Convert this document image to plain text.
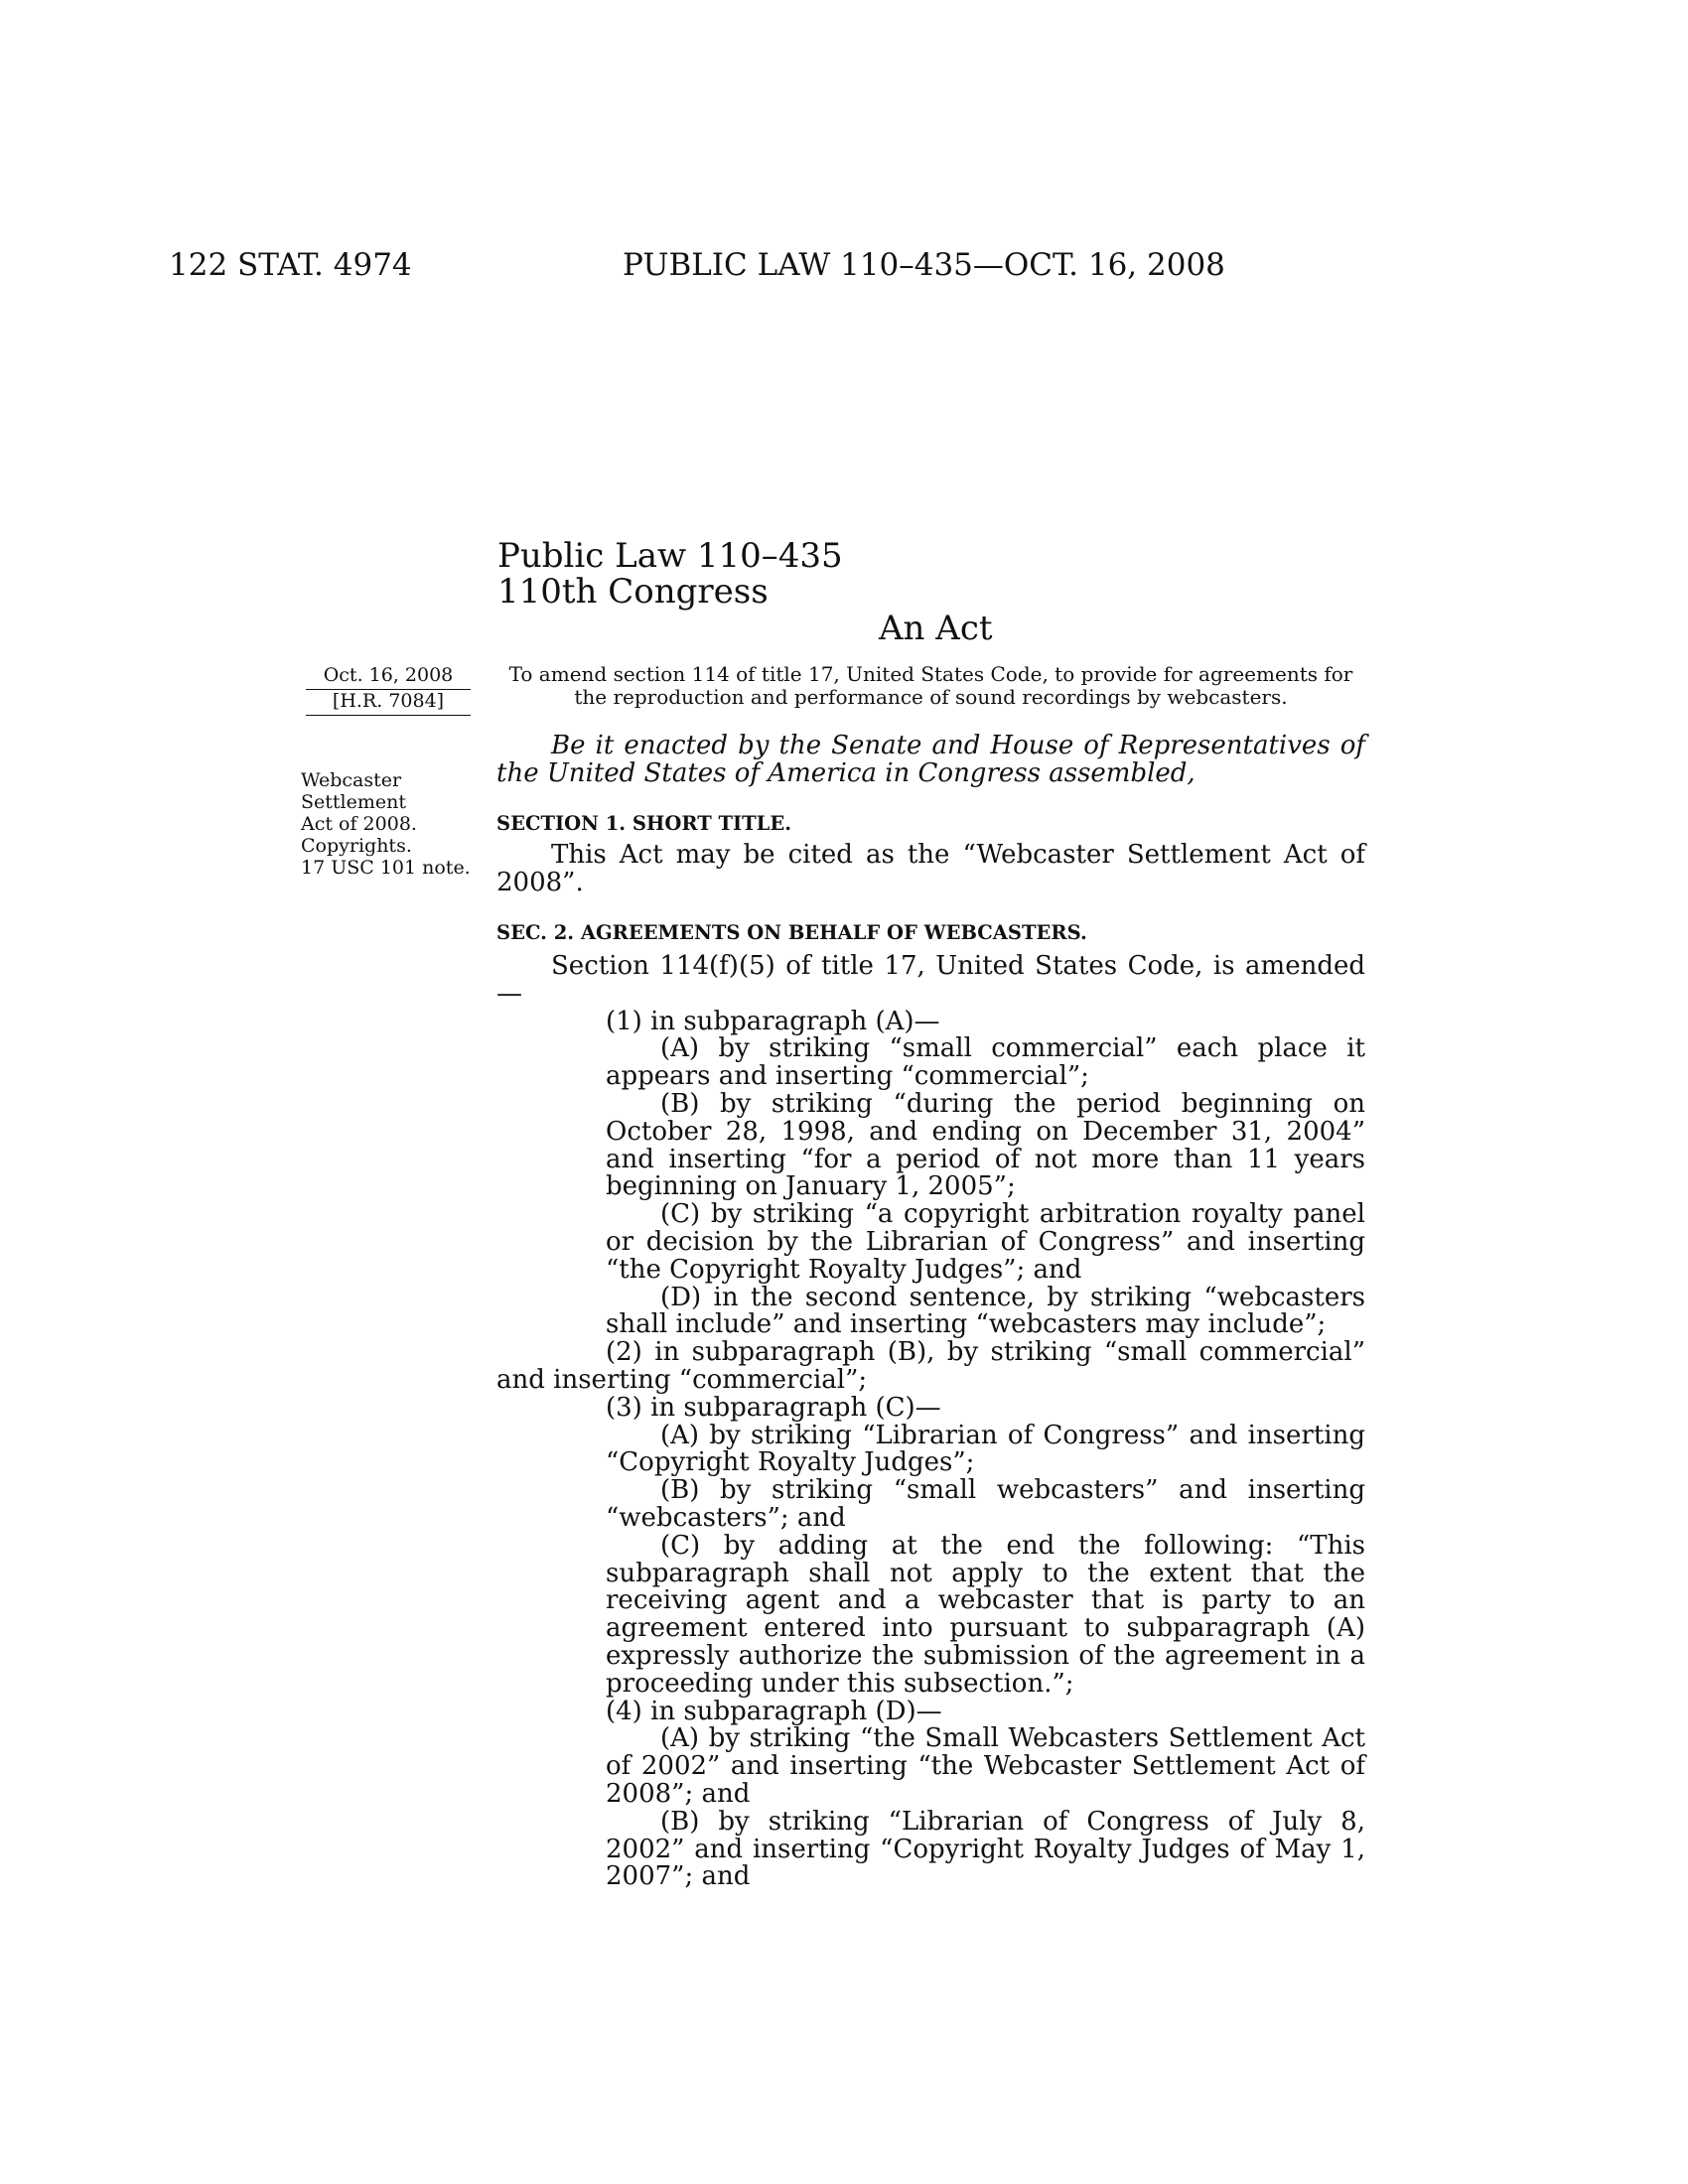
122 STAT. 4974	PUBLIC LAW 110–435—OCT. 16, 2008
Public Law 110–435
110th Congress
An Act
Oct. 16, 2008
[H.R. 7084]
Webcaster
Settlement
Act of 2008.
Copyrights.
17 USC 101 note.
To amend section 114 of title 17, United States Code, to provide for agreements for the reproduction and performance of sound recordings by webcasters.

Be it enacted by the Senate and House of Representatives of the United States of America in Congress assembled,

SECTION 1. SHORT TITLE.

This Act may be cited as the “Webcaster Settlement Act of 2008”.

SEC. 2. AGREEMENTS ON BEHALF OF WEBCASTERS.

Section 114(f)(5) of title 17, United States Code, is amended—

(1) in subparagraph (A)—

(A) by striking “small commercial” each place it appears and inserting “commercial”;

(B) by striking “during the period beginning on October 28, 1998, and ending on December 31, 2004” and inserting “for a period of not more than 11 years beginning on January 1, 2005”;

(C) by striking “a copyright arbitration royalty panel or decision by the Librarian of Congress” and inserting “the Copyright Royalty Judges”; and

(D) in the second sentence, by striking “webcasters shall include” and inserting “webcasters may include”;

(2) in subparagraph (B), by striking “small commercial” and inserting “commercial”;

(3) in subparagraph (C)—

(A) by striking “Librarian of Congress” and inserting “Copyright Royalty Judges”;

(B) by striking “small webcasters” and inserting “webcasters”; and

(C) by adding at the end the following: “This subparagraph shall not apply to the extent that the receiving agent and a webcaster that is party to an agreement entered into pursuant to subparagraph (A) expressly authorize the submission of the agreement in a proceeding under this subsection.”;

(4) in subparagraph (D)—

(A) by striking “the Small Webcasters Settlement Act of 2002” and inserting “the Webcaster Settlement Act of 2008”; and

(B) by striking “Librarian of Congress of July 8, 2002” and inserting “Copyright Royalty Judges of May 1, 2007”; and
